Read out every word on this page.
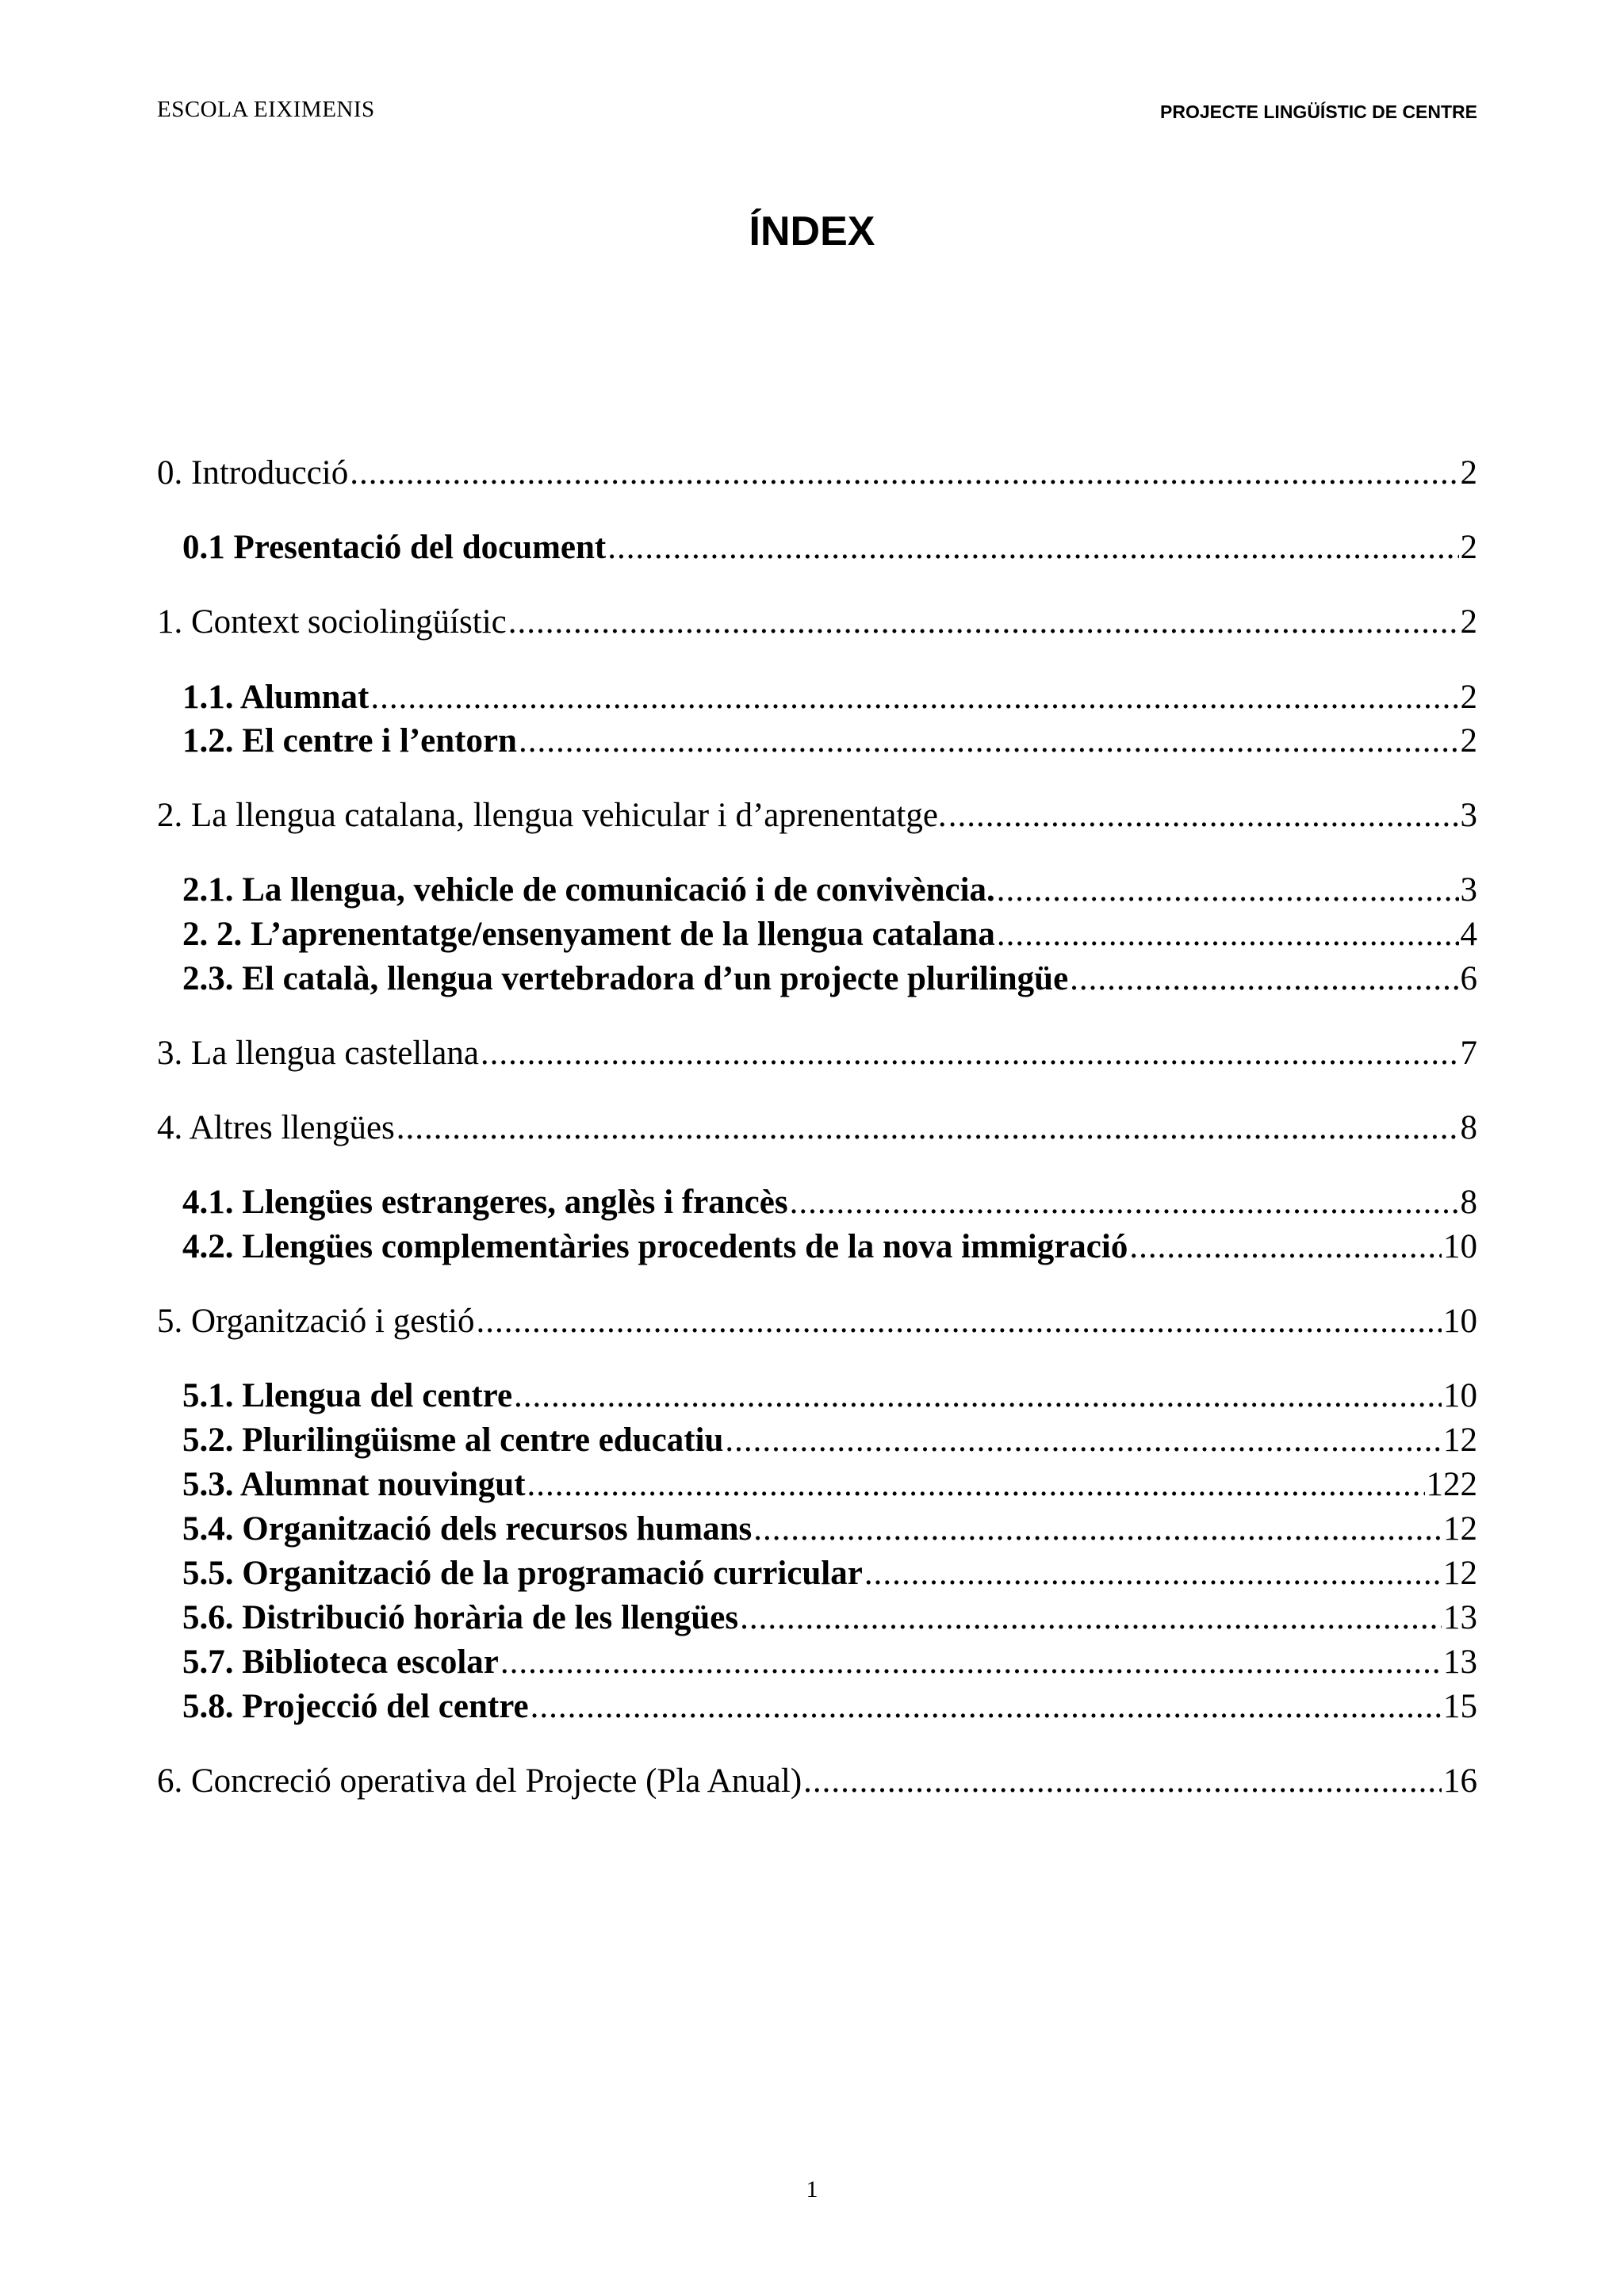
ESCOLA EIXIMENIS	PROJECTE LINGÜÍSTIC DE CENTRE
ÍNDEX
0. Introducció .....	2
0.1 Presentació del document .....	2
1. Context sociolingüístic .....	2
1.1. Alumnat .....	2
1.2. El centre i l’entorn .....	2
2. La llengua catalana, llengua vehicular i d’aprenentatge. .....	3
2.1. La llengua, vehicle de comunicació i de convivència. .....	3
2. 2. L’aprenentatge/ensenyament de la llengua catalana .....	4
2.3. El català, llengua vertebradora d’un projecte plurilingüe .....	6
3. La llengua castellana .....	7
4. Altres llengües .....	8
4.1. Llengües estrangeres, anglès i francès .....	8
4.2. Llengües complementàries procedents de la nova immigració .....	10
5. Organització i gestió .....	10
5.1. Llengua del centre .....	10
5.2. Plurilingüisme al centre educatiu .....	12
5.3. Alumnat nouvingut .....	122
5.4. Organització dels recursos humans .....	12
5.5. Organització de la programació curricular .....	12
5.6. Distribució horària de les llengües .....	13
5.7. Biblioteca escolar .....	13
5.8. Projecció del centre .....	15
6. Concreció operativa del Projecte (Pla Anual) .....	16
1
